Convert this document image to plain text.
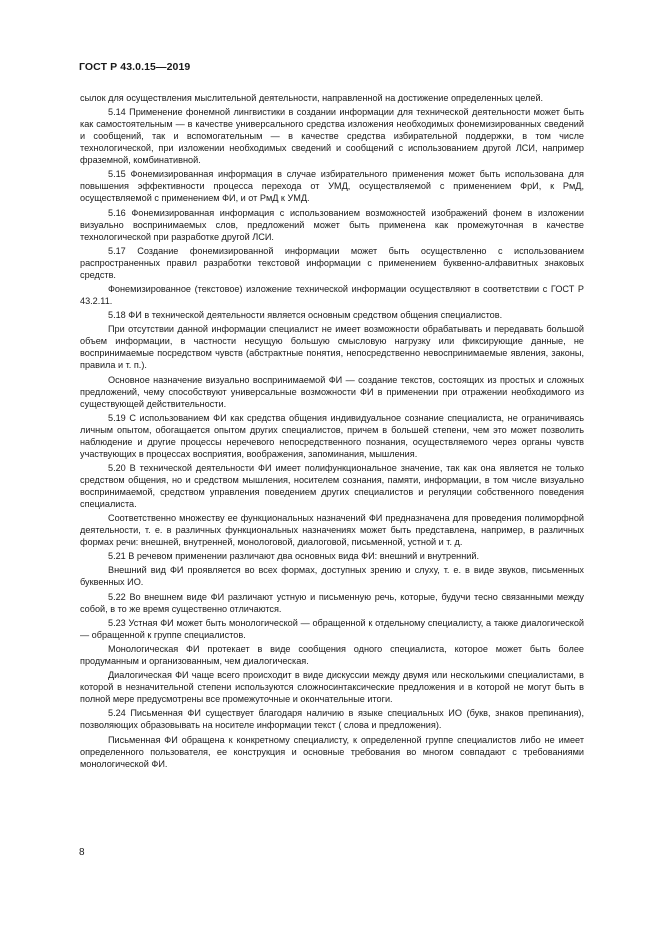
ГОСТ Р 43.0.15—2019

сылок для осуществления мыслительной деятельности, направленной на достижение определенных целей.

5.14 Применение фонемной лингвистики в создании информации для технической деятельности может быть как самостоятельным — в качестве универсального средства изложения необходимых фонемизированных сведений и сообщений, так и вспомогательным — в качестве средства избирательной поддержки, в том числе технологической, при изложении необходимых сведений и сообщений с использованием другой ЛСИ, например фраземной, комбинативной.

5.15 Фонемизированная информация в случае избирательного применения может быть использована для повышения эффективности процесса перехода от УМД, осуществляемой с применением ФрИ, к РмД, осуществляемой с применением ФИ, и от РмД к УМД.

5.16 Фонемизированная информация с использованием возможностей изображений фонем в изложении визуально воспринимаемых слов, предложений может быть применена как промежуточная в качестве технологической при разработке другой ЛСИ.

5.17 Создание фонемизированной информации может быть осуществленно с использованием распространенных правил разработки текстовой информации с применением буквенно-алфавитных знаковых средств.

Фонемизированное (текстовое) изложение технической информации осуществляют в соответствии с ГОСТ Р 43.2.11.

5.18 ФИ в технической деятельности является основным средством общения специалистов.

При отсутствии данной информации специалист не имеет возможности обрабатывать и передавать большой объем информации, в частности несущую большую смысловую нагрузку или фиксирующие данные, не воспринимаемые посредством чувств (абстрактные понятия, непосредственно невоспринимаемые явления, законы, правила и т. п.).

Основное назначение визуально воспринимаемой ФИ — создание текстов, состоящих из простых и сложных предложений, чему способствуют универсальные возможности ФИ в применении при отражении необходимого из существующей действительности.

5.19 С использованием ФИ как средства общения индивидуальное сознание специалиста, не ограничиваясь личным опытом, обогащается опытом других специалистов, причем в большей степени, чем это может позволить наблюдение и другие процессы неречевого непосредственного познания, осуществляемого через органы чувств участвующих в процессах восприятия, воображения, запоминания, мышления.

5.20 В технической деятельности ФИ имеет полифункциональное значение, так как она является не только средством общения, но и средством мышления, носителем сознания, памяти, информации, в том числе визуально воспринимаемой, средством управления поведением других специалистов и регуляции собственного поведения специалиста.

Соответственно множеству ее функциональных назначений ФИ предназначена для проведения полиморфной деятельности, т. е. в различных функциональных назначениях может быть представлена, например, в различных формах речи: внешней, внутренней, монологовой, диалоговой, письменной, устной и т. д.

5.21 В речевом применении различают два основных вида ФИ: внешний и внутренний.

Внешний вид ФИ проявляется во всех формах, доступных зрению и слуху, т. е. в виде звуков, письменных буквенных ИО.

5.22 Во внешнем виде ФИ различают устную и письменную речь, которые, будучи тесно связанными между собой, в то же время существенно отличаются.

5.23 Устная ФИ может быть монологической — обращенной к отдельному специалисту, а также диалогической — обращенной к группе специалистов.

Монологическая ФИ протекает в виде сообщения одного специалиста, которое может быть более продуманным и организованным, чем диалогическая.

Диалогическая ФИ чаще всего происходит в виде дискуссии между двумя или несколькими специалистами, в которой в незначительной степени используются сложносинтаксические предложения и в которой не могут быть в полной мере предусмотрены все промежуточные и окончательные итоги.

5.24 Письменная ФИ существует благодаря наличию в языке специальных ИО (букв, знаков препинания), позволяющих образовывать на носителе информации текст ( слова и предложения).

Письменная ФИ обращена к конкретному специалисту, к определенной группе специалистов либо не имеет определенного пользователя, ее конструкция и основные требования во многом совпадают с требованиями монологической ФИ.

8
